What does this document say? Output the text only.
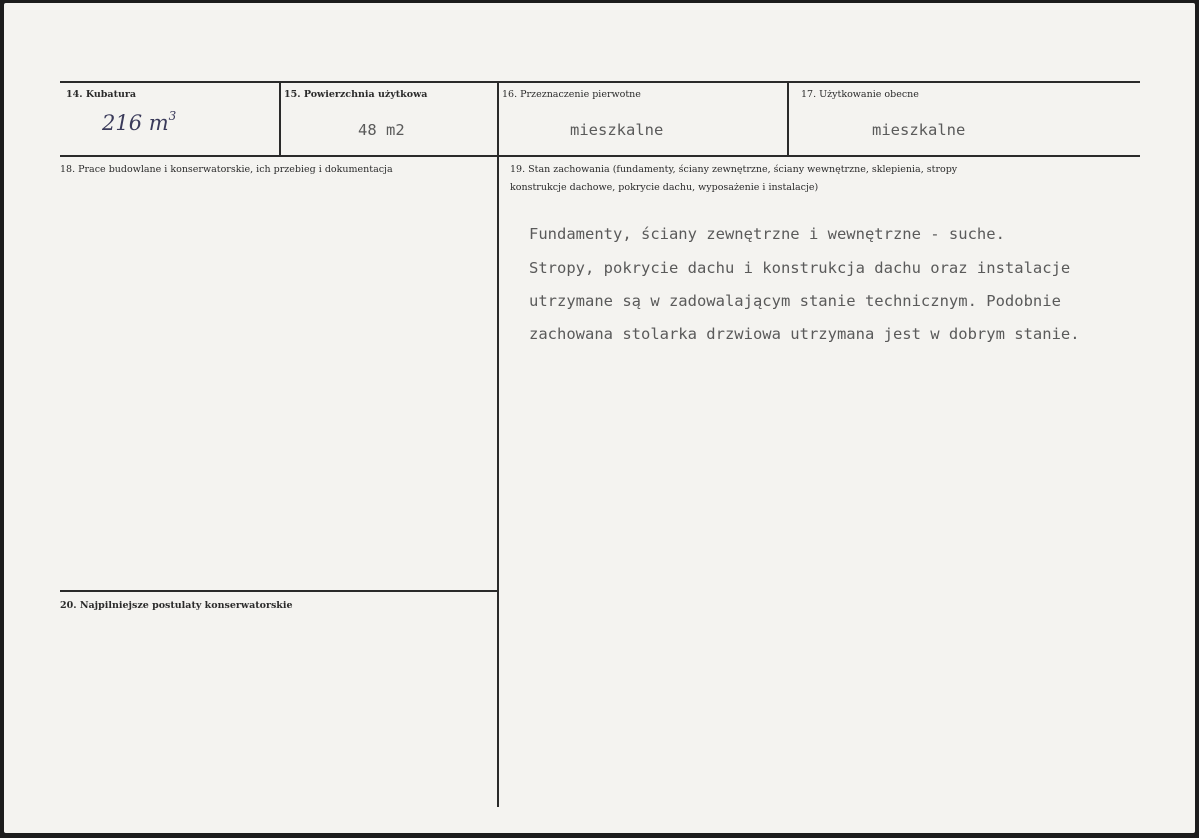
14. Kubatura
216 $m^3$
15. Powierzchnia użytkowa
48 m2
16. Przeznaczenie pierwotne
mieszkalne
17. Użytkowanie obecne
mieszkalne
18. Prace budowlane i konserwatorskie, ich przebieg i dokumentacja	19. Stan zachowania (fundamenty, ściany zewnętrzne, ściany wewnętrzne, sklepienia, stropy
konstrukcje dachowe, pokrycie dachu, wyposażenie i instalacje)
Fundamenty, ściany zewnętrzne i wewnętrzne - suche.
Stropy, pokrycie dachu i konstrukcja dachu oraz instalacje
utrzymane są w zadowalającym stanie technicznym. Podobnie
zachowana stolarka drzwiowa utrzymana jest w dobrym stanie.
20. Najpilniejsze postulaty konserwatorskie
